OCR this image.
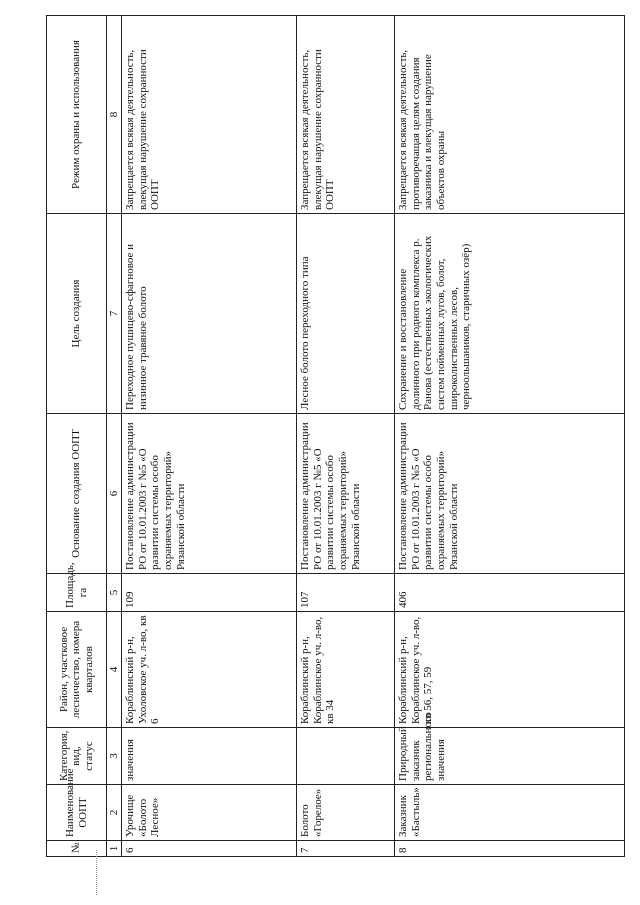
№	Наименование ООПТ	Категория, вид, статус	Район, участковое лесничество, номера кварталов	Площадь, га	Основание создания ООПТ	Цель создания	Режим охраны и использования
1	2	3	4	5	6	7	8
6	Урочище «Болото Лесное»	значения	Кораблинский р-н, Ухоловское уч. л-во, кв 6	109	Постановление администрации РО от 10.01.2003 г №5 «О развитии системы особо охраняемых территорий» Рязанской области	Переходное пушицево-сфагновое и низинное травяное болото	Запрещается всякая деятельность, влекущая нарушение сохранности ООПТ
7	Болото «Горелое»		Кораблинский р-н, Кораблинское уч. л-во, кв 34	107	Постановление администрации РО от 10.01.2003 г №5 «О развитии системы особо охраняемых территорий» Рязанской области	Лесное болото переходного типа	Запрещается всякая деятельность, влекущая нарушение сохранности ООПТ
8	Заказник «Бастыль»	Природный заказник регионального значения	Кораблинский р-н, Кораблинское уч. л-во, кв 56, 57, 59	406	Постановление администрации РО от 10.01.2003 г №5 «О развитии системы особо охраняемых территорий» Рязанской области	Сохранение и восстановление долинного при родного комплекса р. Ранова (естественных экологических систем пойменных лугов, болот, широколиственных лесов, черноольшаников, старичных озёр)	Запрещается всякая деятельность, противоречащая целям создания заказника и влекущая нарушение объектов охраны
